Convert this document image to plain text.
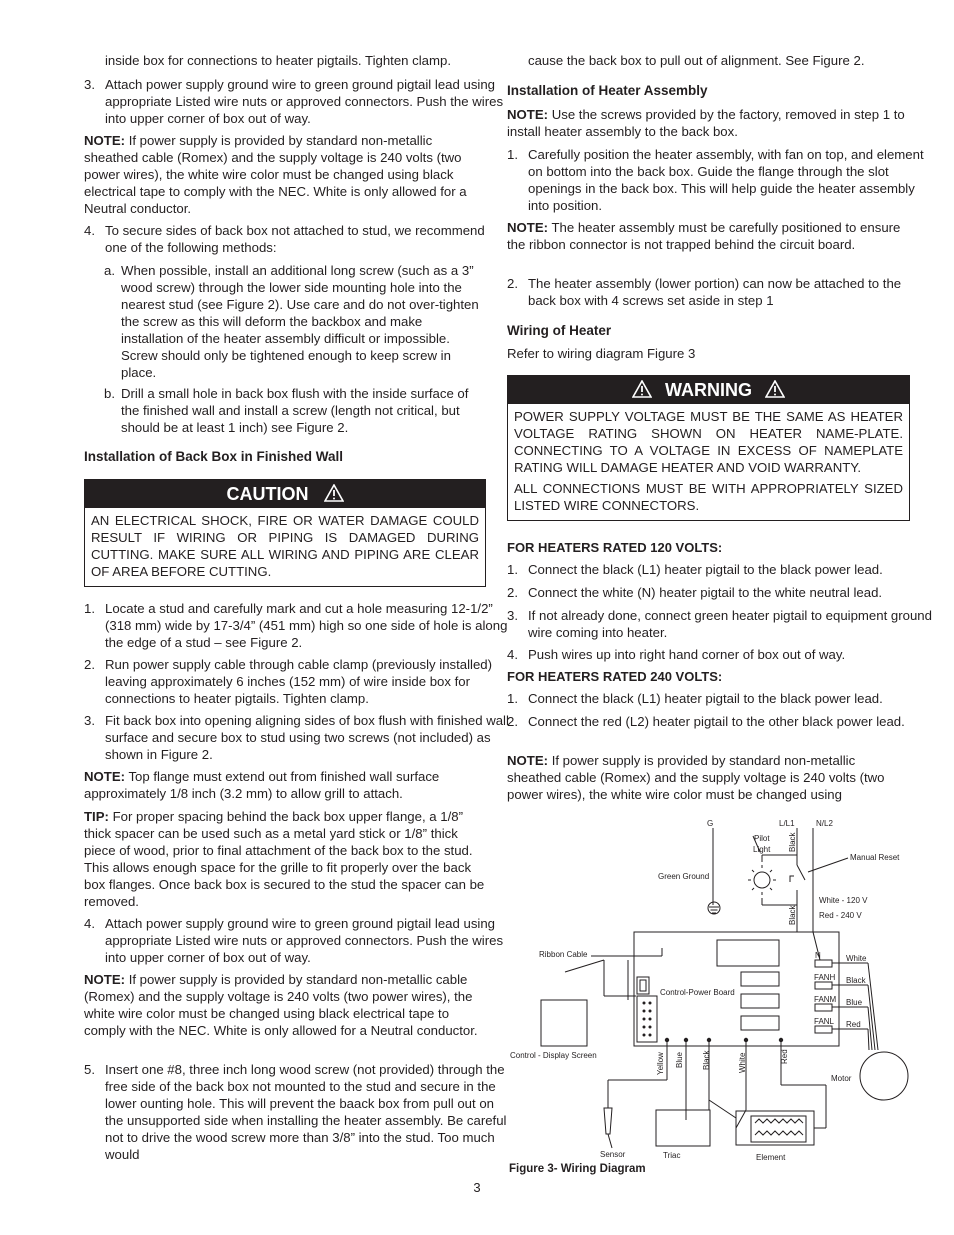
inside box for connections to heater pigtails. Tighten clamp.

3. Attach power supply ground wire to green ground pigtail lead using appropriate Listed wire nuts or approved connectors. Push the wires into upper corner of box out of way.

NOTE: If power supply is provided by standard non-metallic sheathed cable (Romex) and the supply voltage is 240 volts (two power wires), the white wire color must be changed using black electrical tape to comply with the NEC. White is only allowed for a Neutral conductor.

4. To secure sides of back box not attached to stud, we recommend one of the following methods:
a. When possible, install an additional long screw (such as a 3” wood screw) through the lower side mounting hole into the nearest stud (see Figure 2). Use care and do not over-tighten the screw as this will deform the backbox and make installation of the heater assembly difficult or impossible. Screw should only be tightened enough to keep screw in place.
b. Drill a small hole in back box flush with the inside surface of the finished wall and install a screw (length not critical, but should be at least 1 inch) see Figure 2.

Installation of Back Box in Finished Wall

CAUTION
AN ELECTRICAL SHOCK, FIRE OR WATER DAMAGE COULD RESULT IF WIRING OR PIPING IS DAMAGED DURING CUTTING. MAKE SURE ALL WIRING AND PIPING ARE CLEAR OF AREA BEFORE CUTTING.
1. Locate a stud and carefully mark and cut a hole measuring 12-1/2” (318 mm) wide by 17-3/4” (451 mm) high so one side of hole is along the edge of a stud – see Figure 2.
2. Run power supply cable through cable clamp (previously installed) leaving approximately 6 inches (152 mm) of wire inside box for connections to heater pigtails. Tighten clamp.
3. Fit back box into opening aligning sides of box flush with finished wall surface and secure box to stud using two screws (not included) as shown in Figure 2.

NOTE: Top flange must extend out from finished wall surface approximately 1/8 inch (3.2 mm) to allow grill to attach.

TIP: For proper spacing behind the back box upper flange, a 1/8” thick spacer can be used such as a metal yard stick or 1/8” thick piece of wood, prior to final attachment of the back box to the stud. This allows enough space for the grille to fit properly over the back box flanges. Once back box is secured to the stud the spacer can be removed.

4. Attach power supply ground wire to green ground pigtail lead using appropriate Listed wire nuts or approved connectors. Push the wires into upper corner of box out of way.

NOTE: If power supply is provided by standard non-metallic cable (Romex) and the supply voltage is 240 volts (two power wires), the white wire color must be changed using black electrical tape to comply with the NEC. White is only allowed for a Neutral conductor.

5. Insert one #8, three inch long wood screw (not provided) through the free side of the back box not mounted to the stud and secure in the lower ounting hole. This will prevent the baack box from pull out on the unsupported side when installing the heater assembly. Be careful not to drive the wood screw more than 3/8” into the stud. Too much would

cause the back box to pull out of alignment. See Figure 2.

Installation of Heater Assembly

NOTE: Use the screws provided by the factory, removed in step 1 to install heater assembly to the back box.

1. Carefully position the heater assembly, with fan on top, and element on bottom into the back box. Guide the flange through the slot openings in the back box. This will help guide the heater assembly into position.

NOTE: The heater assembly must be carefully positioned to ensure the ribbon connector is not trapped behind the circuit board.

2. The heater assembly (lower portion) can now be attached to the back box with 4 screws set aside in step 1

Wiring of Heater

Refer to wiring diagram Figure 3

WARNING
POWER SUPPLY VOLTAGE MUST BE THE SAME AS HEATER VOLTAGE RATING SHOWN ON HEATER NAME-PLATE. CONNECTING TO A VOLTAGE IN EXCESS OF NAMEPLATE RATING WILL DAMAGE HEATER AND VOID WARRANTY.
ALL CONNECTIONS MUST BE WITH APPROPRIATELY SIZED LISTED WIRE CONNECTORS.

FOR HEATERS RATED 120 VOLTS:

1. Connect the black (L1) heater pigtail to the black power lead.
2. Connect the white (N) heater pigtail to the white neutral lead.
3. If not already done, connect green heater pigtail to equipment ground wire coming into heater.
4. Push wires up into right hand corner of box out of way.

FOR HEATERS RATED 240 VOLTS:

1. Connect the black (L1) heater pigtail to the black power lead.
2. Connect the red (L2) heater pigtail to the other black power lead.

NOTE: If power supply is provided by standard non-metallic sheathed cable (Romex) and the supply voltage is 240 volts (two power wires), the white wire color must be changed using

G	L/L1	N/L2
Pilot
Light
Manual Reset
Green Ground
White - 120 V
Red - 240 V
Black
Black
Ribbon Cable
Control-Power Board
Control - Display Screen
N
FANH
FANM
FANL
White
Black
Blue
Red
Yellow Blue Black	White	Red
Motor
Sensor	Triac	Element
Figure 3- Wiring Diagram
3
